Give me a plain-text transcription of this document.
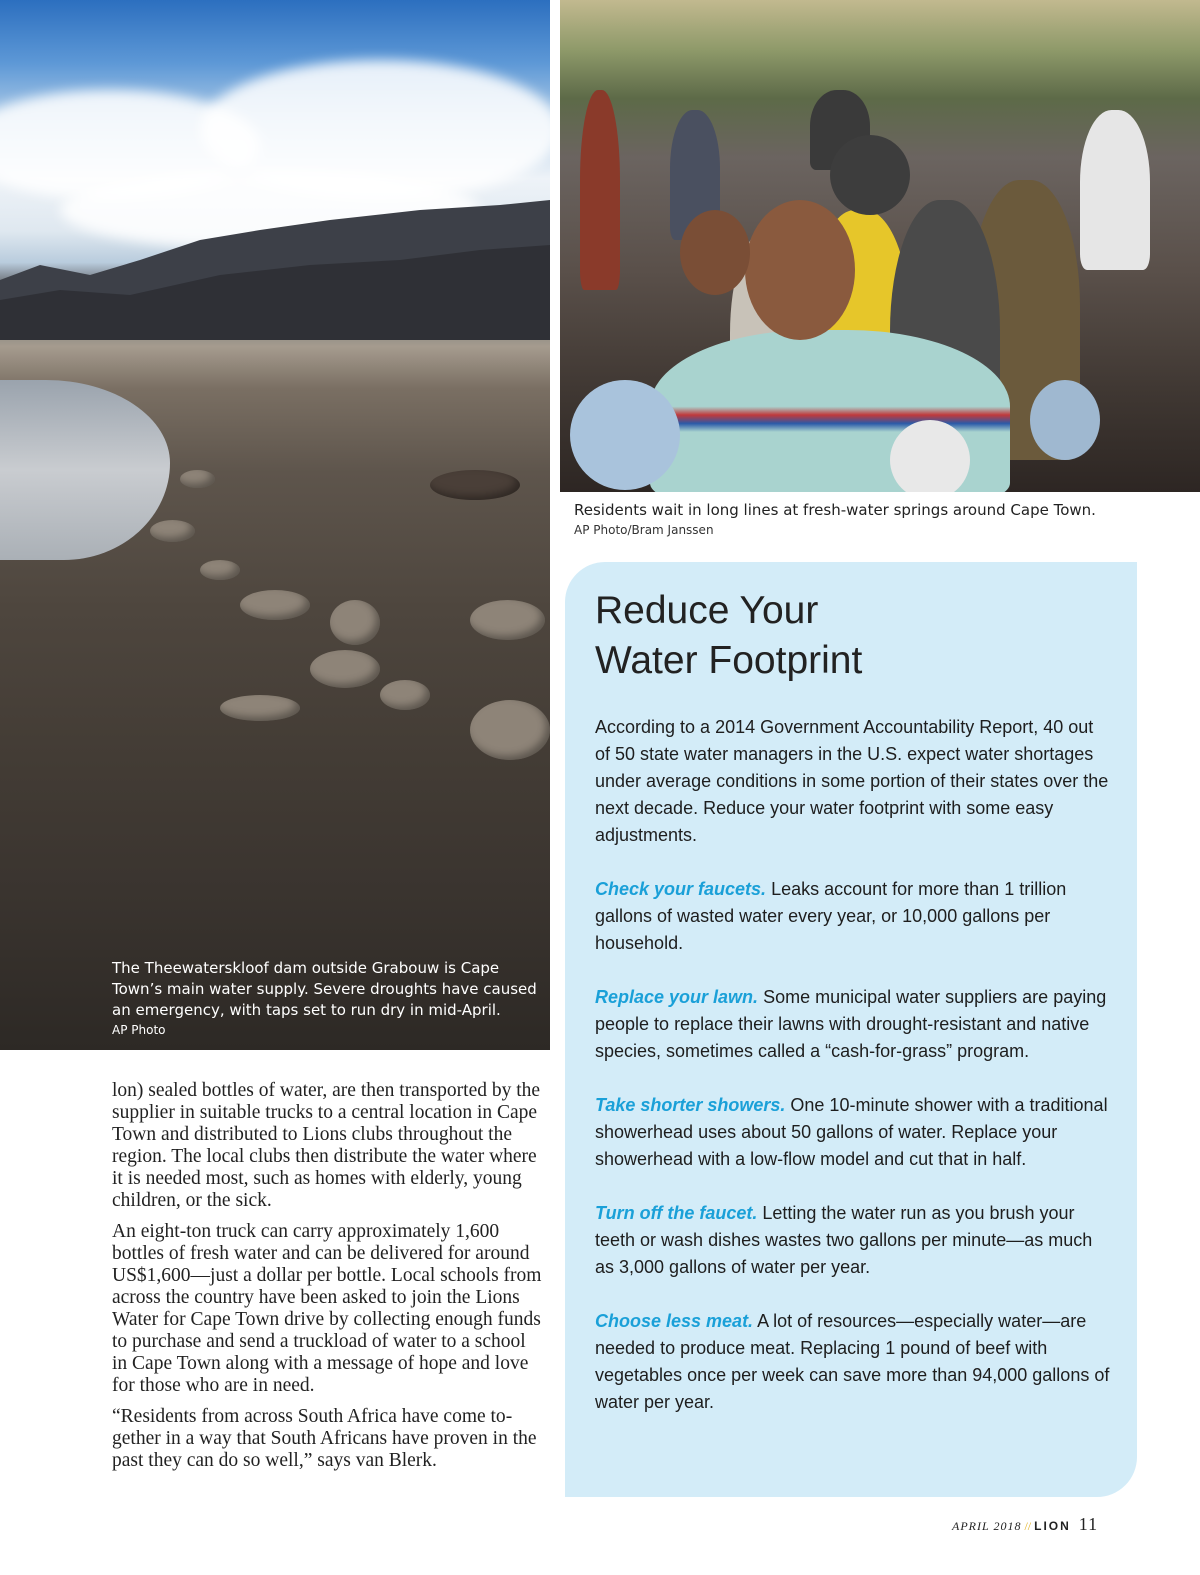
The Theewaterskloof dam outside Grabouw is Cape Town’s main water supply. Severe droughts have caused an emergency, with taps set to run dry in mid-April.
AP Photo
Residents wait in long lines at fresh-water springs around Cape Town.
AP Photo/Bram Janssen

lon) sealed bottles of water, are then transported by the supplier in suitable trucks to a central location in Cape Town and distributed to Lions clubs throughout the region. The local clubs then distribute the water where it is needed most, such as homes with elderly, young children, or the sick.

An eight-ton truck can carry approximately 1,600 bottles of fresh water and can be delivered for around US$1,600—just a dollar per bottle. Local schools from across the country have been asked to join the Lions Water for Cape Town drive by collecting enough funds to purchase and send a truckload of water to a school in Cape Town along with a message of hope and love for those who are in need.

“Residents from across South Africa have come together in a way that South Africans have proven in the past they can do so well,” says van Blerk.

Reduce Your
Water Footprint

According to a 2014 Government Accountability Report, 40 out of 50 state water managers in the U.S. expect water shortages under average conditions in some portion of their states over the next decade. Reduce your water footprint with some easy adjustments.

Check your faucets. Leaks account for more than 1 trillion gallons of wasted water every year, or 10,000 gallons per household.

Replace your lawn. Some municipal water suppliers are paying people to replace their lawns with drought-resistant and native species, sometimes called a “cash-for-grass” program.

Take shorter showers. One 10-minute shower with a traditional showerhead uses about 50 gallons of water. Replace your showerhead with a low-flow model and cut that in half.

Turn off the faucet. Letting the water run as you brush your teeth or wash dishes wastes two gallons per minute—as much as 3,000 gallons of water per year.

Choose less meat. A lot of resources—especially water—are needed to produce meat. Replacing 1 pound of beef with vegetables once per week can save more than 94,000 gallons of water per year.

APRIL 2018 // LION 11
